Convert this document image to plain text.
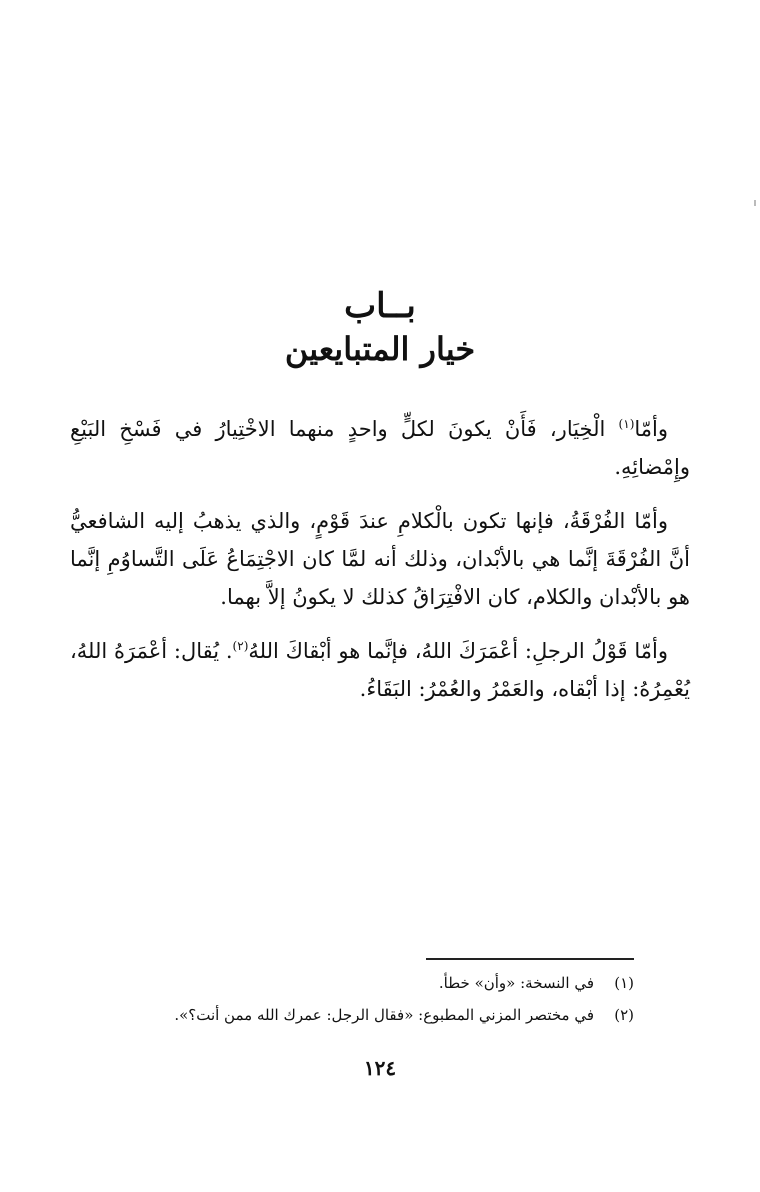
بــاب
خيار المتبايعين

وأمّا$^{(١)}$ الْخِيَار، فَأَنْ يكونَ لكلٍّ واحدٍ منهما الاخْتِيارُ في فَسْخِ البَيْعِ وإِمْضائِهِ.

وأمّا الفُرْقَةُ، فإنها تكون بالْكلامِ عندَ قَوْمٍ، والذي يذهبُ إليه الشافعيُّ أنَّ الفُرْقَةَ إنَّما هي بالأبْدان، وذلك أنه لمَّا كان الاجْتِمَاعُ عَلَى التَّساوُمِ إنَّما هو بالأبْدان والكلام، كان الافْتِرَاقُ كذلك لا يكونُ إلاَّ بهما.

وأمّا قَوْلُ الرجلِ: أعْمَرَكَ اللهُ، فإنَّما هو أبْقاكَ اللهُ$^{(٢)}$. يُقال: أعْمَرَهُ اللهُ، يُعْمِرُهُ: إذا أبْقاه، والعَمْرُ والعُمْرُ: البَقَاءُ.

(١)في النسخة: «وأن» خطأ.
(٢)في مختصر المزني المطبوع: «فقال الرجل: عمرك الله ممن أنت؟».

١٢٤
